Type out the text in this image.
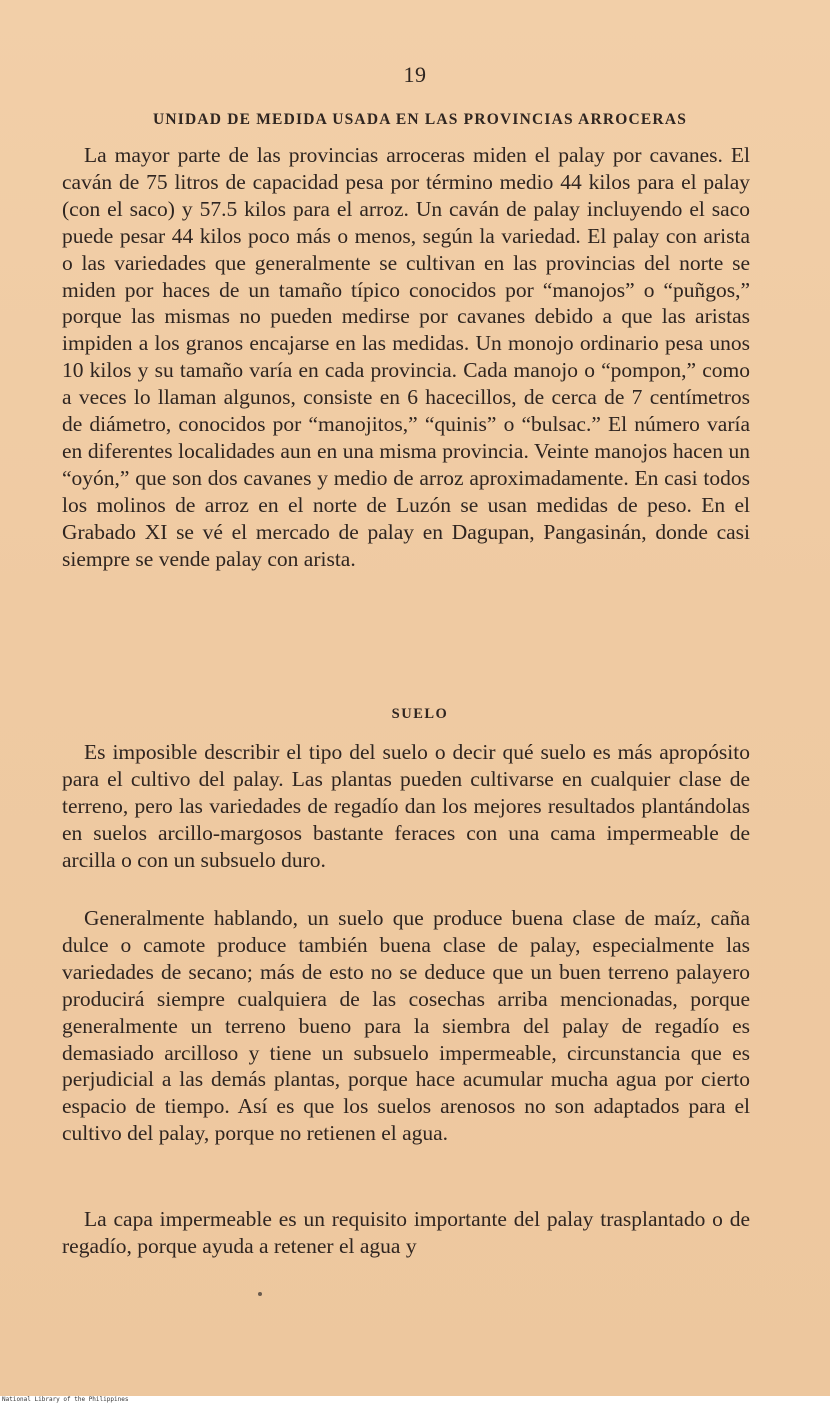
19
UNIDAD DE MEDIDA USADA EN LAS PROVINCIAS ARROCERAS

La mayor parte de las provincias arroceras miden el palay por cavanes. El caván de 75 litros de capacidad pesa por término medio 44 kilos para el palay (con el saco) y 57.5 kilos para el arroz. Un caván de palay incluyendo el saco puede pesar 44 kilos poco más o menos, según la variedad. El palay con arista o las variedades que generalmente se cultivan en las provincias del norte se miden por haces de un tamaño típico conocidos por “manojos” o “puñgos,” porque las mismas no pueden medirse por cavanes debido a que las aristas impiden a los granos encajarse en las medidas. Un monojo ordinario pesa unos 10 kilos y su tamaño varía en cada provincia. Cada manojo o “pompon,” como a veces lo llaman algunos, consiste en 6 hacecillos, de cerca de 7 centímetros de diámetro, conocidos por “manojitos,” “quinis” o “bulsac.” El número varía en diferentes localidades aun en una misma provincia. Veinte manojos hacen un “oyón,” que son dos cavanes y medio de arroz aproximadamente. En casi todos los molinos de arroz en el norte de Luzón se usan medidas de peso. En el Grabado XI se vé el mercado de palay en Dagupan, Pangasinán, donde casi siempre se vende palay con arista.

SUELO

Es imposible describir el tipo del suelo o decir qué suelo es más apropósito para el cultivo del palay. Las plantas pueden cultivarse en cualquier clase de terreno, pero las variedades de regadío dan los mejores resultados plantándolas en suelos arcillo-margosos bastante feraces con una cama impermeable de arcilla o con un subsuelo duro.

Generalmente hablando, un suelo que produce buena clase de maíz, caña dulce o camote produce también buena clase de palay, especialmente las variedades de secano; más de esto no se deduce que un buen terreno palayero producirá siempre cualquiera de las cosechas arriba mencionadas, porque generalmente un terreno bueno para la siembra del palay de regadío es demasiado arcilloso y tiene un subsuelo impermeable, circunstancia que es perjudicial a las demás plantas, porque hace acumular mucha agua por cierto espacio de tiempo. Así es que los suelos arenosos no son adaptados para el cultivo del palay, porque no retienen el agua.

La capa impermeable es un requisito importante del palay trasplantado o de regadío, porque ayuda a retener el agua y

National Library of the Philippines
